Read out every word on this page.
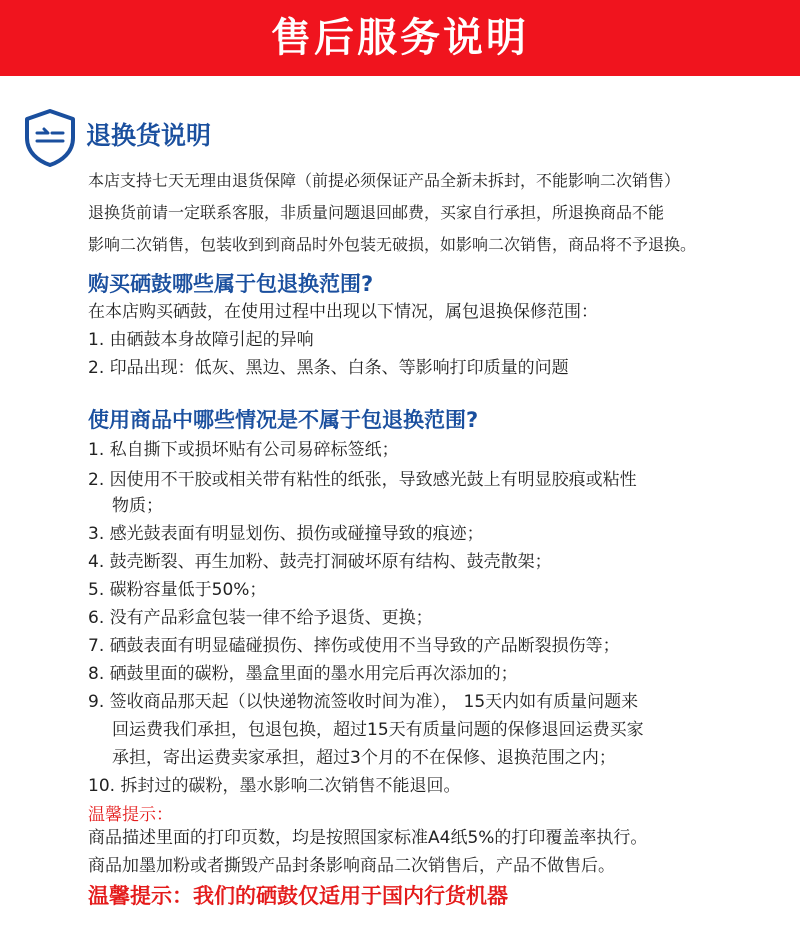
售后服务说明
退换货说明
本店支持七天无理由退货保障（前提必须保证产品全新未拆封，不能影响二次销售）
退换货前请一定联系客服，非质量问题退回邮费，买家自行承担，所退换商品不能
影响二次销售，包装收到到商品时外包装无破损，如影响二次销售，商品将不予退换。
购买硒鼓哪些属于包退换范围?
在本店购买硒鼓，在使用过程中出现以下情况，属包退换保修范围：
1. 由硒鼓本身故障引起的异响
2. 印品出现：低灰、黑边、黑条、白条、等影响打印质量的问题
使用商品中哪些情况是不属于包退换范围?
1. 私自撕下或损坏贴有公司易碎标签纸；
2. 因使用不干胶或相关带有粘性的纸张，导致感光鼓上有明显胶痕或粘性
物质；
3. 感光鼓表面有明显划伤、损伤或碰撞导致的痕迹；
4. 鼓壳断裂、再生加粉、鼓壳打洞破坏原有结构、鼓壳散架；
5. 碳粉容量低于50%；
6. 没有产品彩盒包装一律不给予退货、更换；
7. 硒鼓表面有明显磕碰损伤、摔伤或使用不当导致的产品断裂损伤等；
8. 硒鼓里面的碳粉，墨盒里面的墨水用完后再次添加的；
9. 签收商品那天起（以快递物流签收时间为准）， 15天内如有质量问题来
回运费我们承担，包退包换，超过15天有质量问题的保修退回运费买家
承担，寄出运费卖家承担，超过3个月的不在保修、退换范围之内；
10. 拆封过的碳粉，墨水影响二次销售不能退回。
温馨提示：
商品描述里面的打印页数，均是按照国家标准A4纸5%的打印覆盖率执行。
商品加墨加粉或者撕毁产品封条影响商品二次销售后，产品不做售后。
温馨提示：我们的硒鼓仅适用于国内行货机器
